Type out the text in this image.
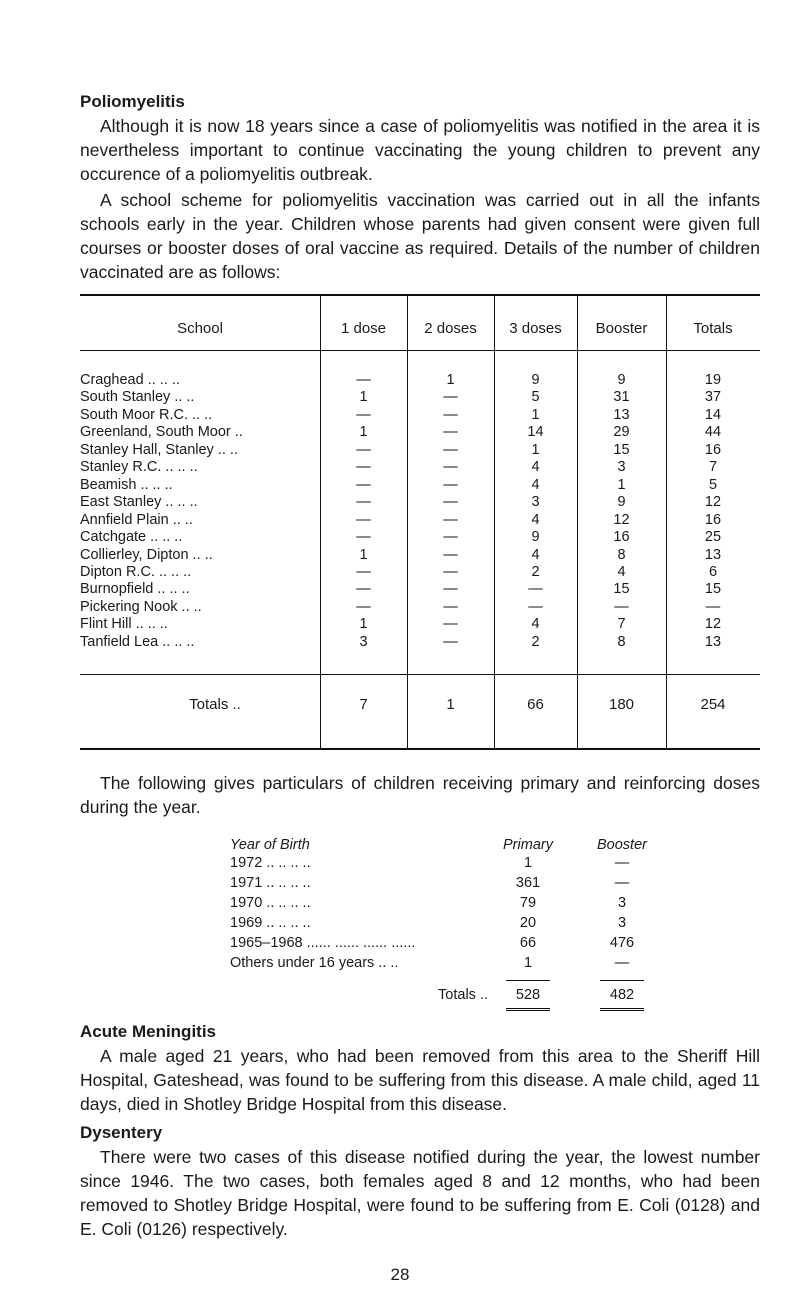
Poliomyelitis

Although it is now 18 years since a case of poliomyelitis was notified in the area it is nevertheless important to continue vaccinating the young children to prevent any occurence of a poliomyelitis outbreak.

A school scheme for poliomyelitis vaccination was carried out in all the infants schools early in the year. Children whose parents had given consent were given full courses or booster doses of oral vaccine as required. Details of the number of children vaccinated are as follows:

School	1 dose	2 doses	3 doses	Booster	Totals
Craghead .. .. ..	—	1	9	9	19
South Stanley .. ..	1	—	5	31	37
South Moor R.C. .. ..	—	—	1	13	14
Greenland, South Moor ..	1	—	14	29	44
Stanley Hall, Stanley .. ..	—	—	1	15	16
Stanley R.C. .. .. ..	—	—	4	3	7
Beamish .. .. ..	—	—	4	1	5
East Stanley .. .. ..	—	—	3	9	12
Annfield Plain .. ..	—	—	4	12	16
Catchgate .. .. ..	—	—	9	16	25
Collierley, Dipton .. ..	1	—	4	8	13
Dipton R.C. .. .. ..	—	—	2	4	6
Burnopfield .. .. ..	—	—	—	15	15
Pickering Nook .. ..	—	—	—	—	—
Flint Hill .. .. ..	1	—	4	7	12
Tanfield Lea .. .. ..	3	—	2	8	13
Totals ..	7	1	66	180	254

The following gives particulars of children receiving primary and reinforcing doses during the year.

Year of Birth	Primary	Booster
1972 .. .. .. ..	1	—
1971 .. .. .. ..	361	—
1970 .. .. .. ..	79	3
1969 .. .. .. ..	20	3
1965–1968 ...... ...... ...... ......	66	476
Others under 16 years .. ..	1	—
Totals ..	528	482
Acute Meningitis

A male aged 21 years, who had been removed from this area to the Sheriff Hill Hospital, Gateshead, was found to be suffering from this disease. A male child, aged 11 days, died in Shotley Bridge Hospital from this disease.

Dysentery

There were two cases of this disease notified during the year, the lowest number since 1946. The two cases, both females aged 8 and 12 months, who had been removed to Shotley Bridge Hospital, were found to be suffering from E. Coli (0128) and E. Coli (0126) respectively.

28
